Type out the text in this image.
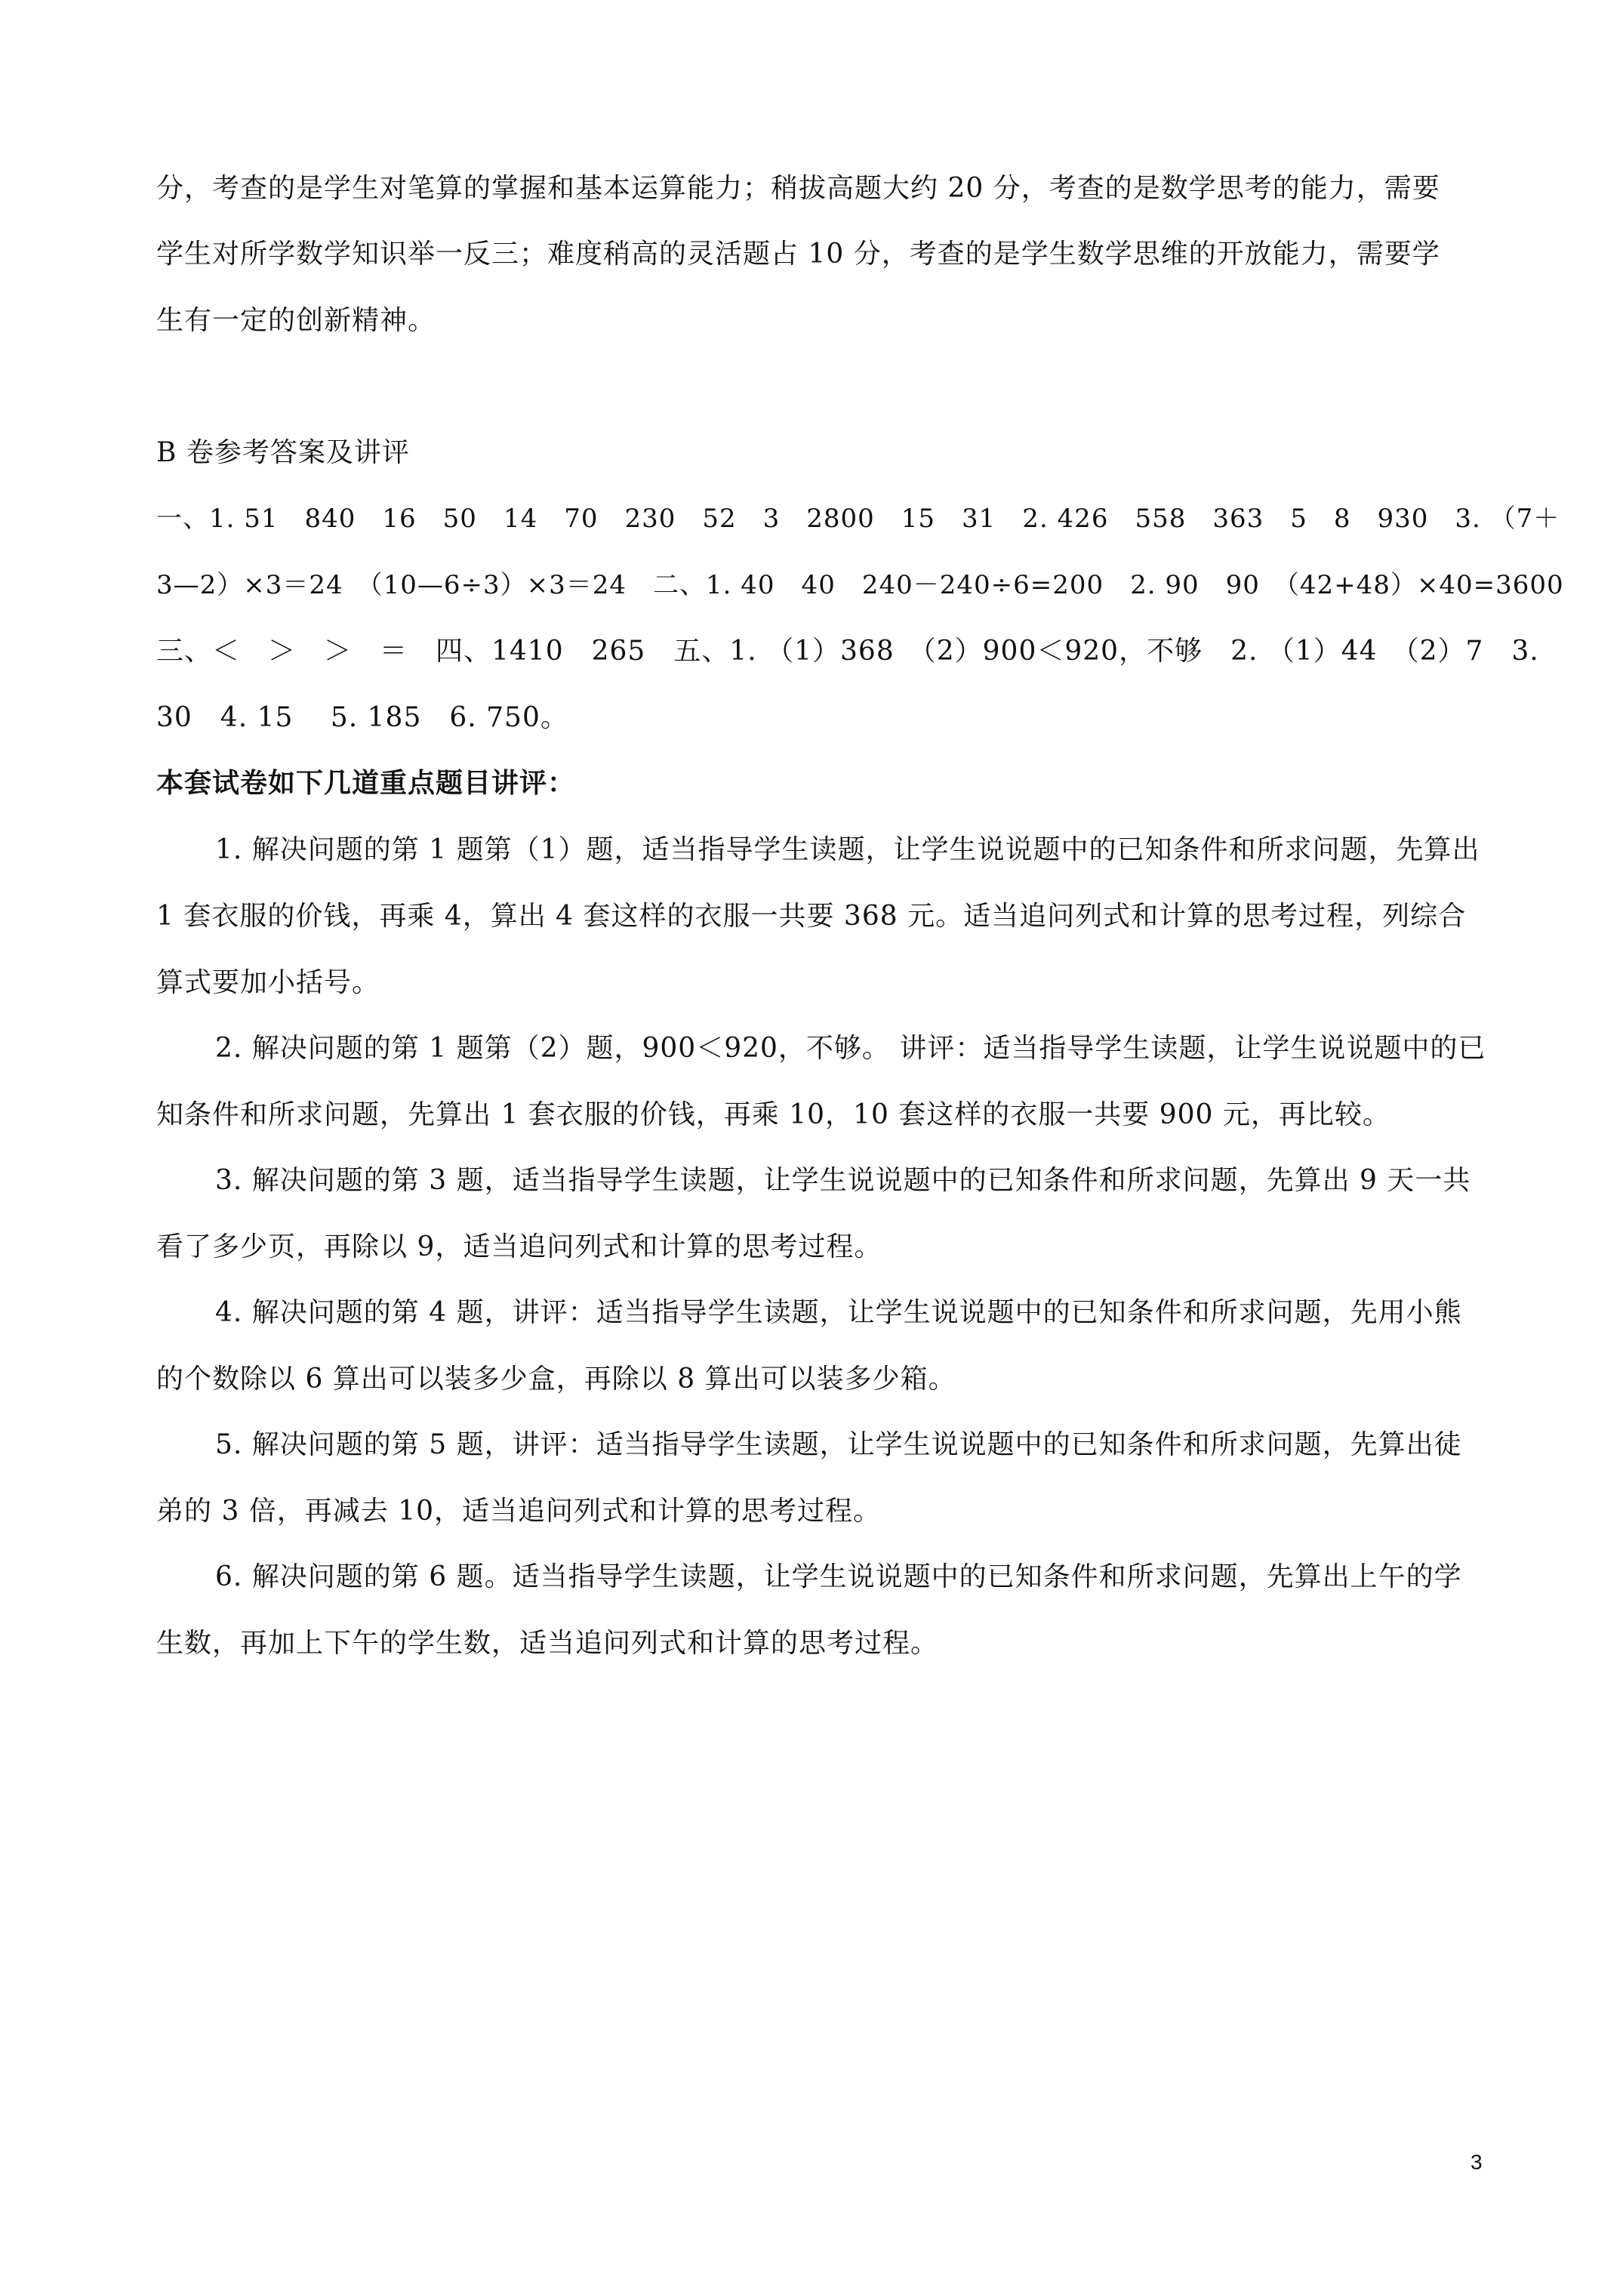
分，考查的是学生对笔算的掌握和基本运算能力；稍拔高题大约 20 分，考查的是数学思考的能力，需要
学生对所学数学知识举一反三；难度稍高的灵活题占 10 分，考查的是学生数学思维的开放能力，需要学
生有一定的创新精神。
B 卷参考答案及讲评
一、1. 51　840　16　50　14　70　230　52　3　2800　15　31　2. 426　558　363　5　8　930　3. （7＋
3—2）×3＝24　（10—6÷3）×3＝24　二、1. 40　40　240－240÷6=200　2. 90　90　（42+48）×40=3600
三、＜　＞　＞　＝　四、1410　265　五、1. （1）368　（2）900＜920，不够　2. （1）44　（2）7　3.
30　4. 15　 5. 185　6. 750。
本套试卷如下几道重点题目讲评：
1. 解决问题的第 1 题第（1）题，适当指导学生读题，让学生说说题中的已知条件和所求问题，先算出
1 套衣服的价钱，再乘 4，算出 4 套这样的衣服一共要 368 元。适当追问列式和计算的思考过程，列综合
算式要加小括号。
2. 解决问题的第 1 题第（2）题，900＜920，不够。 讲评：适当指导学生读题，让学生说说题中的已
知条件和所求问题，先算出 1 套衣服的价钱，再乘 10，10 套这样的衣服一共要 900 元，再比较。
3. 解决问题的第 3 题，适当指导学生读题，让学生说说题中的已知条件和所求问题，先算出 9 天一共
看了多少页，再除以 9，适当追问列式和计算的思考过程。
4. 解决问题的第 4 题，讲评：适当指导学生读题，让学生说说题中的已知条件和所求问题，先用小熊
的个数除以 6 算出可以装多少盒，再除以 8 算出可以装多少箱。
5. 解决问题的第 5 题，讲评：适当指导学生读题，让学生说说题中的已知条件和所求问题，先算出徒
弟的 3 倍，再减去 10，适当追问列式和计算的思考过程。
6. 解决问题的第 6 题。适当指导学生读题，让学生说说题中的已知条件和所求问题，先算出上午的学
生数，再加上下午的学生数，适当追问列式和计算的思考过程。
3
